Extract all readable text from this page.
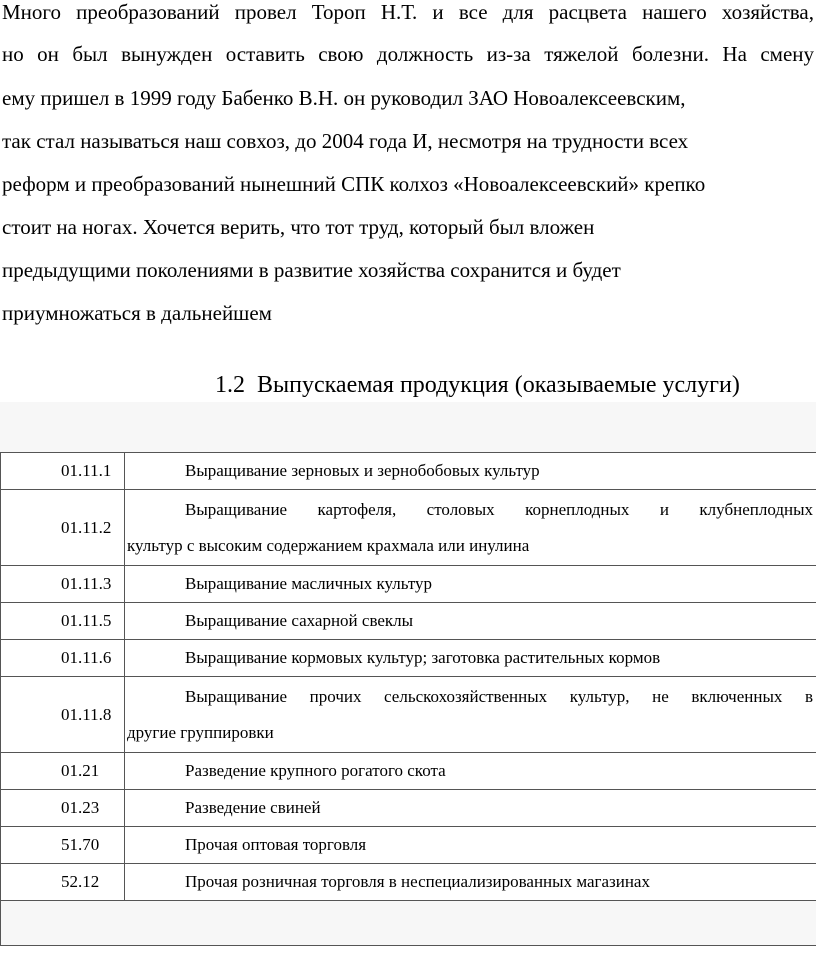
Много преобразований провел Тороп Н.Т. и все для расцвета нашего хозяйства,
но он был вынужден оставить свою должность из-за тяжелой болезни. На смену
ему пришел в 1999 году Бабенко В.Н. он руководил ЗАО Новоалексеевским,
так стал называться наш совхоз, до 2004 года И, несмотря на трудности всех
реформ и преобразований нынешний СПК колхоз «Новоалексеевский» крепко
стоит на ногах. Хочется верить, что тот труд, который был вложен
предыдущими поколениями в развитие хозяйства сохранится и будет
приумножаться в дальнейшем
1.2 Выпускаемая продукция (оказываемые услуги)
01.11.1	Выращивание зерновых и зернобобовых культур
01.11.2	Выращивание картофеля, столовых корнеплодных и клубнеплодных
культур с высоким содержанием крахмала или инулина

01.11.3	Выращивание масличных культур
01.11.5	Выращивание сахарной свеклы
01.11.6	Выращивание кормовых культур; заготовка растительных кормов
01.11.8	Выращивание прочих сельскохозяйственных культур, не включенных в
другие группировки

01.21	Разведение крупного рогатого скота
01.23	Разведение свиней
51.70	Прочая оптовая торговля
52.12	Прочая розничная торговля в неспециализированных магазинах
